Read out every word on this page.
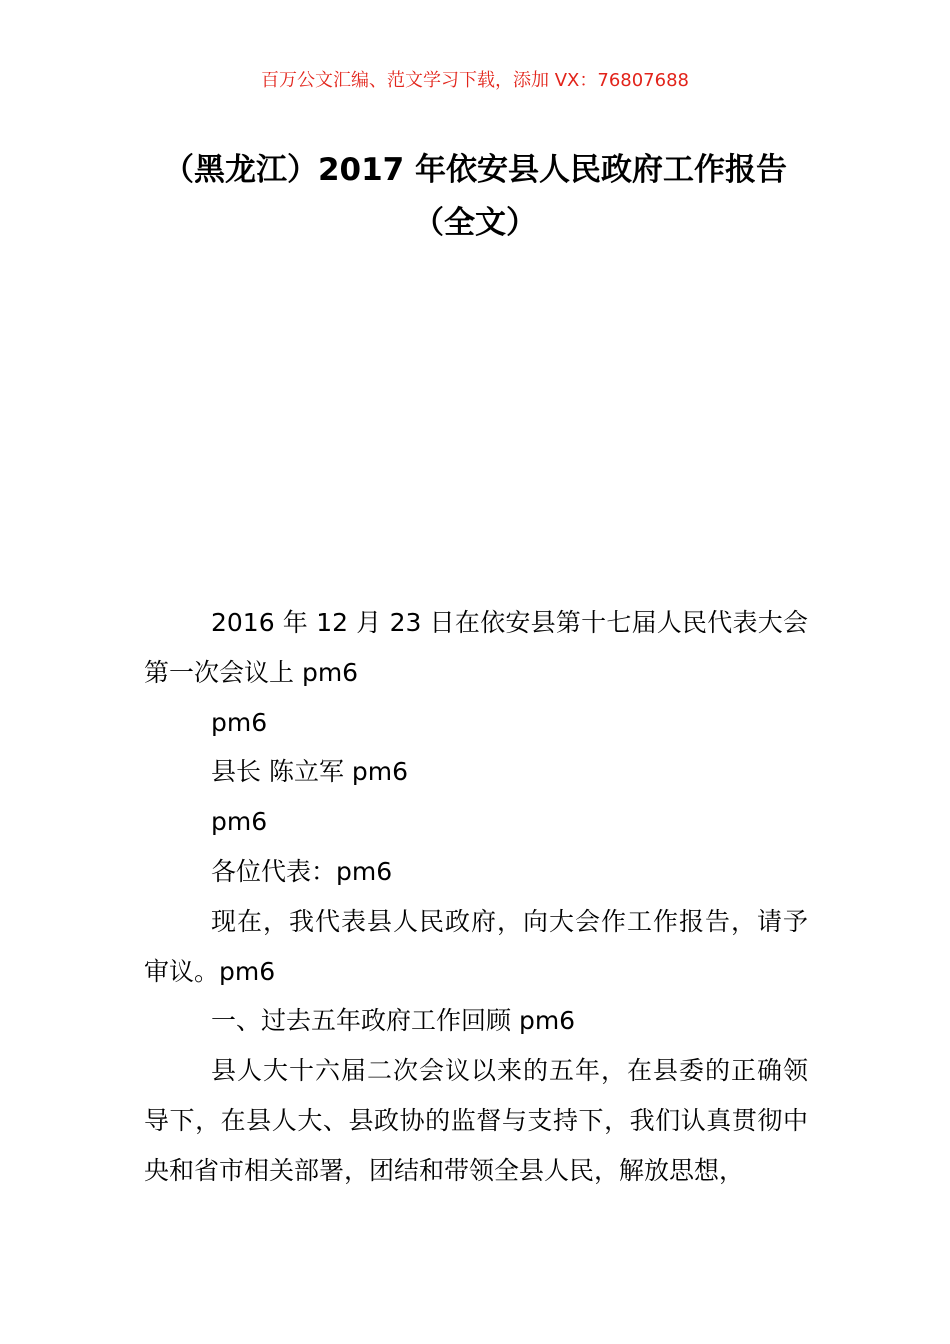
百万公文汇编、范文学习下载，添加 VX：76807688
（黑龙江）2017 年依安县人民政府工作报告（全文）

2016 年 12 月 23 日在依安县第十七届人民代表大会第一次会议上 pm6

pm6

县长 陈立军 pm6

pm6

各位代表：pm6

现在，我代表县人民政府，向大会作工作报告，请予审议。pm6

一、过去五年政府工作回顾 pm6

县人大十六届二次会议以来的五年，在县委的正确领导下，在县人大、县政协的监督与支持下，我们认真贯彻中央和省市相关部署，团结和带领全县人民，解放思想，
